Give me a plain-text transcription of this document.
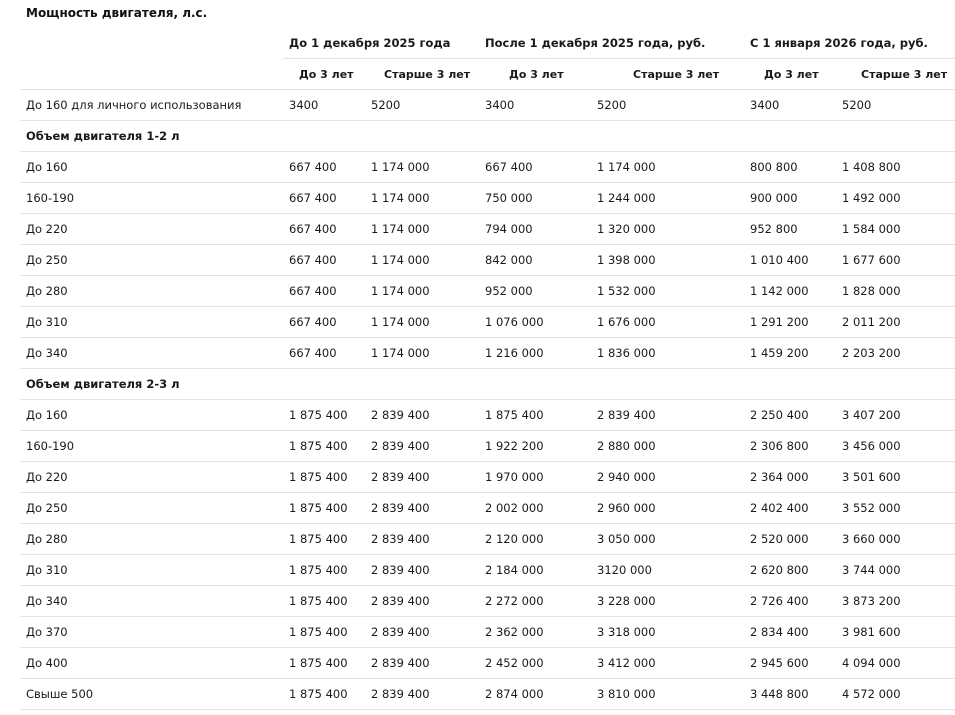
Мощность двигателя, л.с.
	До 1 декабря 2025 года		После 1 декабря 2025 года, руб.		С 1 января 2026 года, руб.	
	До 3 лет	Старше 3 лет	До 3 лет	Старше 3 лет	До 3 лет	Старше 3 лет
До 160 для личного использования	3400	5200	3400	5200	3400	5200
Объем двигателя 1-2 л						
До 160	667 400	1 174 000	667 400	1 174 000	800 800	1 408 800
160-190	667 400	1 174 000	750 000	1 244 000	900 000	1 492 000
До 220	667 400	1 174 000	794 000	1 320 000	952 800	1 584 000
До 250	667 400	1 174 000	842 000	1 398 000	1 010 400	1 677 600
До 280	667 400	1 174 000	952 000	1 532 000	1 142 000	1 828 000
До 310	667 400	1 174 000	1 076 000	1 676 000	1 291 200	2 011 200
До 340	667 400	1 174 000	1 216 000	1 836 000	1 459 200	2 203 200
Объем двигателя 2-3 л						
До 160	1 875 400	2 839 400	1 875 400	2 839 400	2 250 400	3 407 200
160-190	1 875 400	2 839 400	1 922 200	2 880 000	2 306 800	3 456 000
До 220	1 875 400	2 839 400	1 970 000	2 940 000	2 364 000	3 501 600
До 250	1 875 400	2 839 400	2 002 000	2 960 000	2 402 400	3 552 000
До 280	1 875 400	2 839 400	2 120 000	3 050 000	2 520 000	3 660 000
До 310	1 875 400	2 839 400	2 184 000	3120 000	2 620 800	3 744 000
До 340	1 875 400	2 839 400	2 272 000	3 228 000	2 726 400	3 873 200
До 370	1 875 400	2 839 400	2 362 000	3 318 000	2 834 400	3 981 600
До 400	1 875 400	2 839 400	2 452 000	3 412 000	2 945 600	4 094 000
Свыше 500	1 875 400	2 839 400	2 874 000	3 810 000	3 448 800	4 572 000
